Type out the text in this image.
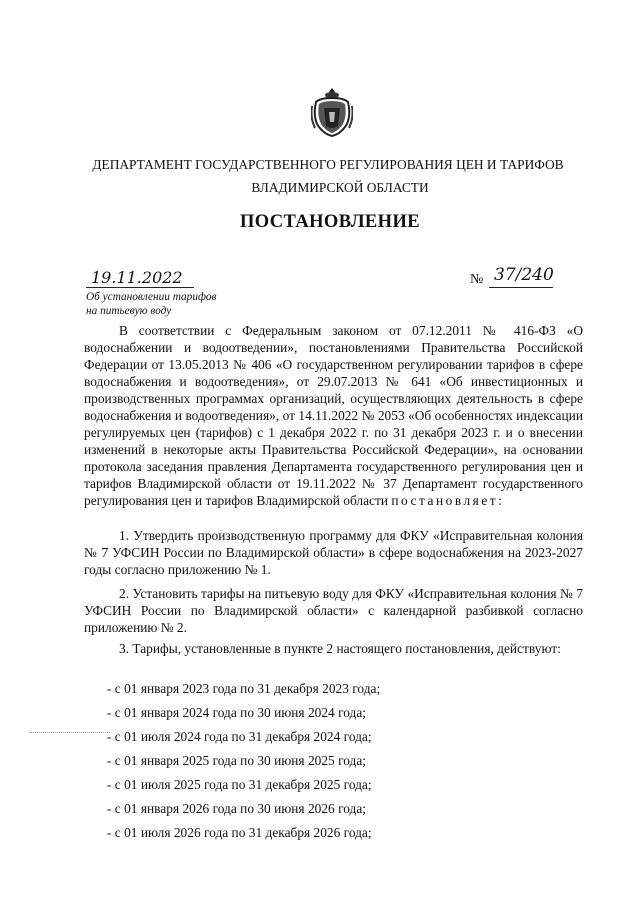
ДЕПАРТАМЕНТ ГОСУДАРСТВЕННОГО РЕГУЛИРОВАНИЯ ЦЕН И ТАРИФОВ
ВЛАДИМИРСКОЙ ОБЛАСТИ
ПОСТАНОВЛЕНИЕ
19.11.2022	№ 37/240
Об установлении тарифов
на питьевую воду

В соответствии с Федеральным законом от 07.12.2011 № 416-ФЗ «О водоснабжении и водоотведении», постановлениями Правительства Российской Федерации от 13.05.2013 № 406 «О государственном регулировании тарифов в сфере водоснабжения и водоотведения», от 29.07.2013 № 641 «Об инвестиционных и производственных программах организаций, осуществляющих деятельность в сфере водоснабжения и водоотведения», от 14.11.2022 № 2053 «Об особенностях индексации регулируемых цен (тарифов) с 1 декабря 2022 г. по 31 декабря 2023 г. и о внесении изменений в некоторые акты Правительства Российской Федерации», на основании протокола заседания правления Департамента государственного регулирования цен и тарифов Владимирской области от 19.11.2022 № 37 Департамент государственного регулирования цен и тарифов Владимирской области постановляет:

1. Утвердить производственную программу для ФКУ «Исправительная колония № 7 УФСИН России по Владимирской области» в сфере водоснабжения на 2023-2027 годы согласно приложению № 1.

2. Установить тарифы на питьевую воду для ФКУ «Исправительная колония № 7 УФСИН России по Владимирской области» с календарной разбивкой согласно приложению № 2.

3. Тарифы, установленные в пункте 2 настоящего постановления, действуют:

- с 01 января 2023 года по 31 декабря 2023 года;
- с 01 января 2024 года по 30 июня 2024 года;
- с 01 июля 2024 года по 31 декабря 2024 года;
- с 01 января 2025 года по 30 июня 2025 года;
- с 01 июля 2025 года по 31 декабря 2025 года;
- с 01 января 2026 года по 30 июня 2026 года;
- с 01 июля 2026 года по 31 декабря 2026 года;
